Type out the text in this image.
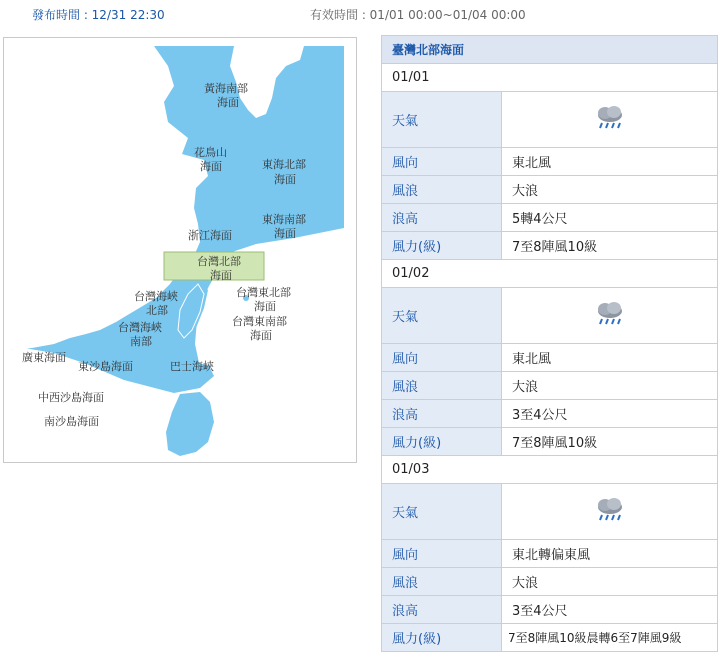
發布時間 : 12/31 22:30	有效時間 : 01/01 00:00~01/04 00:00
黃海南部
海面
花鳥山
海面	東海北部
海面
東海南部
海面
浙江海面
台灣北部
海面
台灣海峽
北部
台灣東北部
海面
台灣海峽
南部
台灣東南部
海面
廣東海面
東沙島海面	巴士海峽
中西沙島海面
南沙島海面
臺灣北部海面	
01/01	
天氣	
風向	東北風
風浪	大浪
浪高	5轉4公尺
風力(級)	7至8陣風10級
01/02	
天氣	
風向	東北風
風浪	大浪
浪高	3至4公尺
風力(級)	7至8陣風10級
01/03	
天氣	
風向	東北轉偏東風
風浪	大浪
浪高	3至4公尺
風力(級)	7至8陣風10級晨轉6至7陣風9級
